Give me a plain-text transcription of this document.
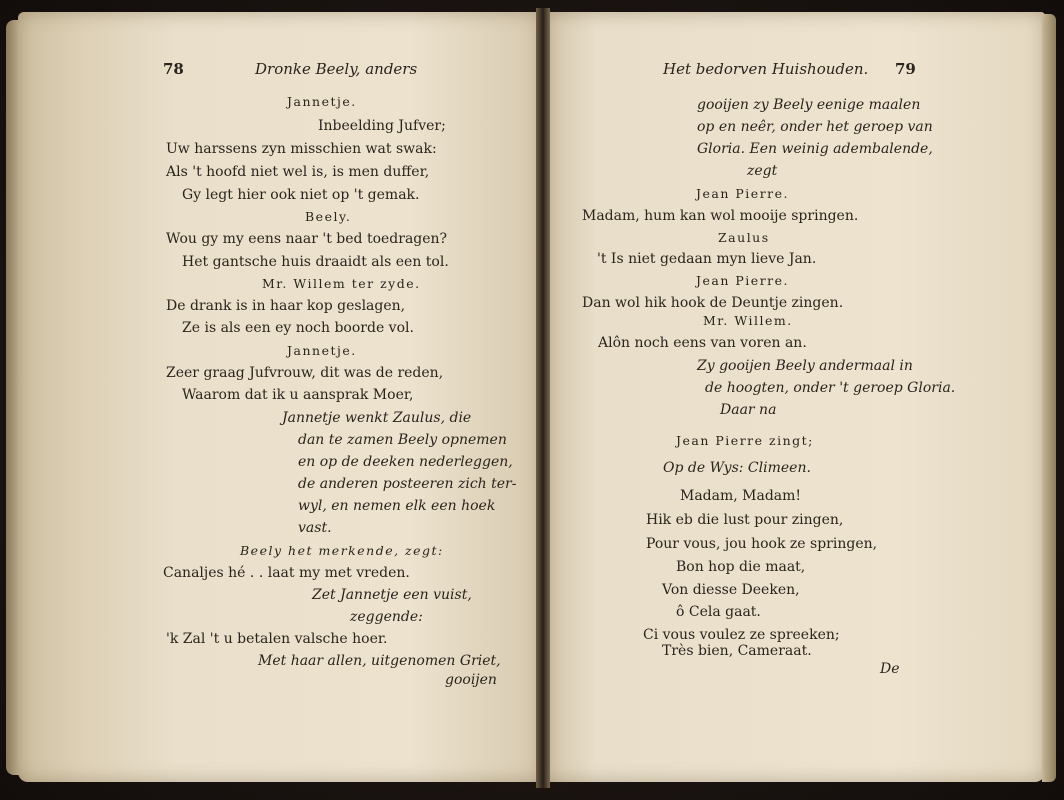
78	Dronke Beely, anders
Jannetje.
Inbeelding Jufver;
Uw harssens zyn misschien wat swak:
Als 't hoofd niet wel is, is men duffer,
Gy legt hier ook niet op 't gemak.
Beely.
Wou gy my eens naar 't bed toedragen?
Het gantsche huis draaidt als een tol.
Mr. Willem ter zyde.
De drank is in haar kop geslagen,
Ze is als een ey noch boorde vol.
Jannetje.
Zeer graag Jufvrouw, dit was de reden,
Waarom dat ik u aansprak Moer,
Jannetje wenkt Zaulus, die
dan te zamen Beely opnemen
en op de deeken nederleggen,
de anderen posteeren zich ter-
wyl, en nemen elk een hoek
vast.
Beely het merkende, zegt:
Canaljes hé . . laat my met vreden.
Zet Jannetje een vuist,
zeggende:
'k Zal 't u betalen valsche hoer.
Met haar allen, uitgenomen Griet,
gooijen
Het bedorven Huishouden. 79
gooijen zy Beely eenige maalen
op en neêr, onder het geroep van
Gloria. Een weinig adembalende,
zegt
Jean Pierre.
Madam, hum kan wol mooije springen.
Zaulus
't Is niet gedaan myn lieve Jan.
Jean Pierre.
Dan wol hik hook de Deuntje zingen.
Mr. Willem.
Alôn noch eens van voren an.
Zy gooijen Beely andermaal in
de hoogten, onder 't geroep Gloria.
Daar na
Jean Pierre zingt;
Op de Wys: Climeen.
Madam, Madam!
Hik eb die lust pour zingen,
Pour vous, jou hook ze springen,
Bon hop die maat,
Von diesse Deeken,
ô Cela gaat.
Ci vous voulez ze spreeken;
Très bien, Cameraat.
De
